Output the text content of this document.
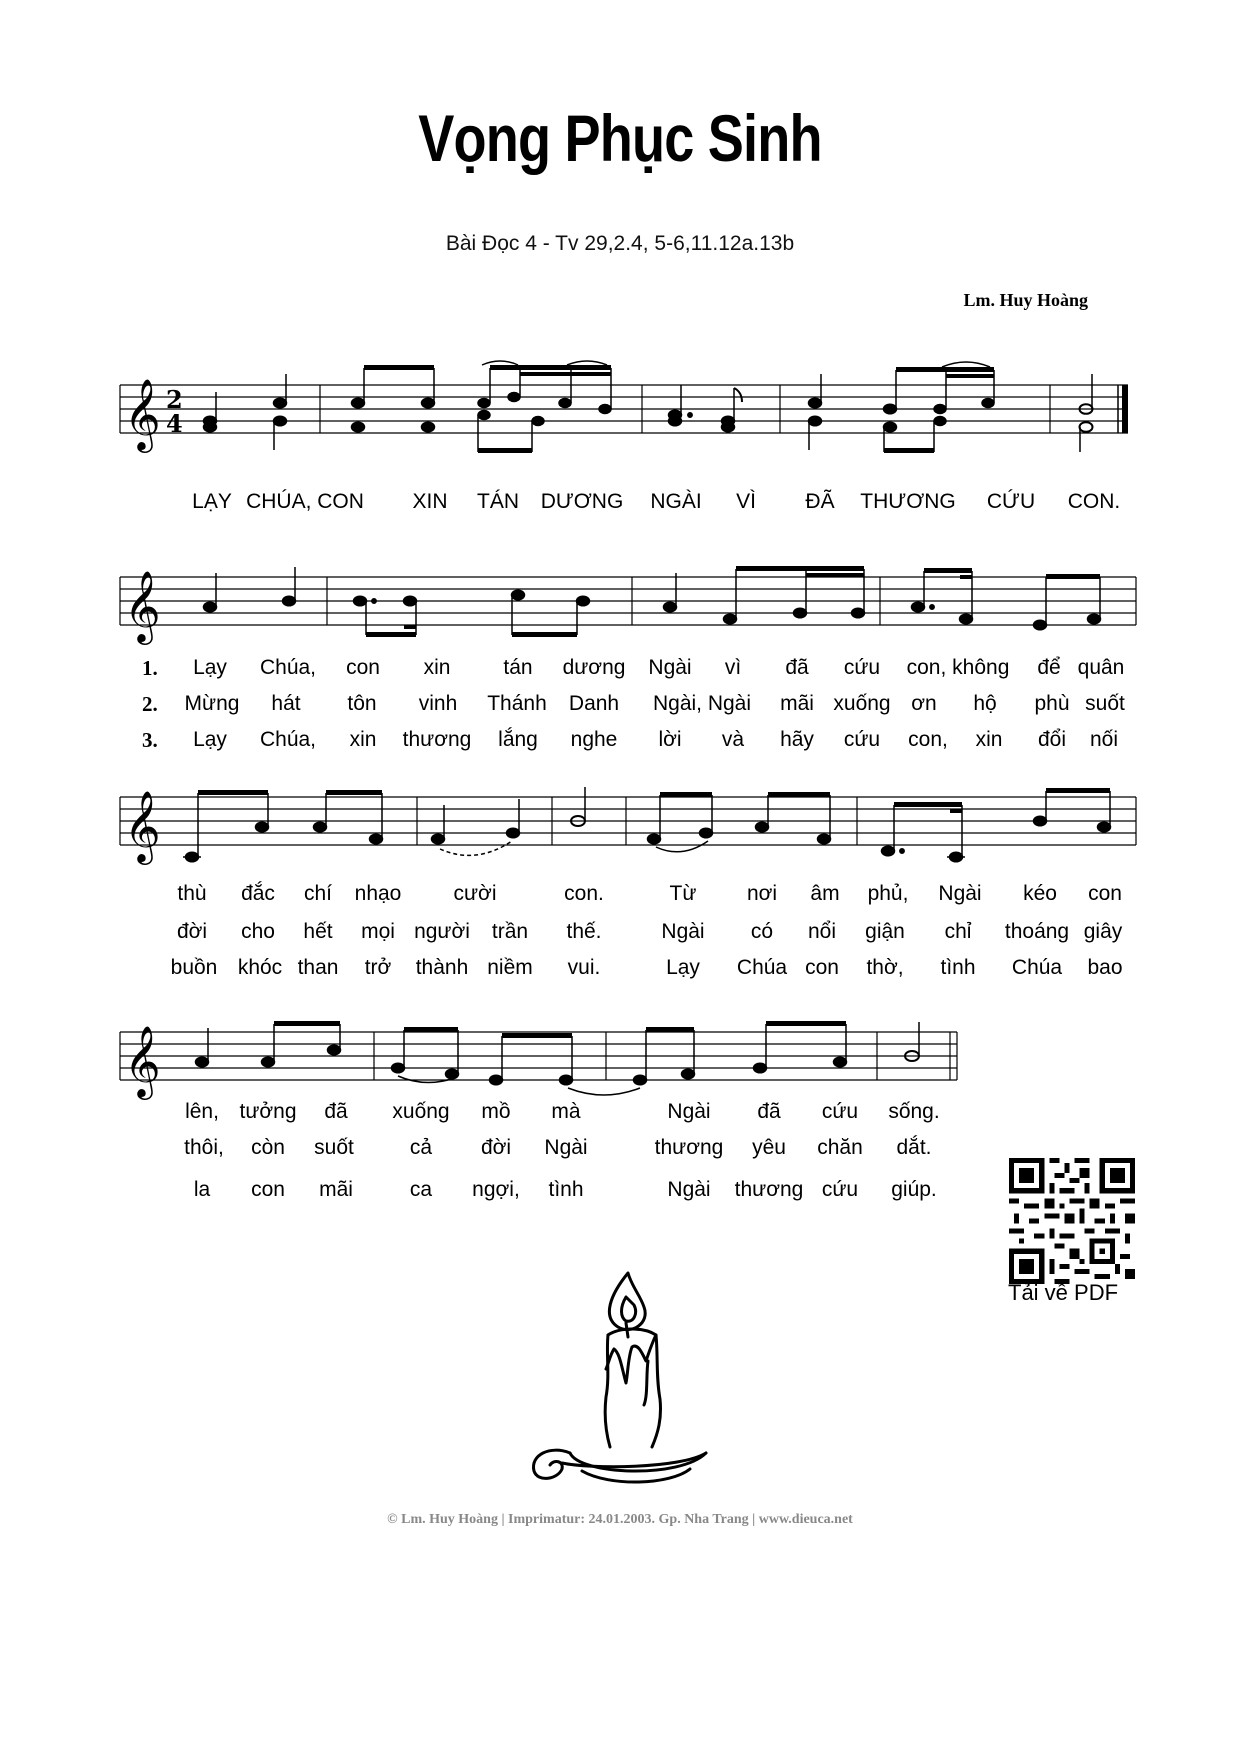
Vọng Phục Sinh
Bài Đọc 4 - Tv 29,2.4, 5-6,11.12a.13b
Lm. Huy Hoàng
𝄞 2
4
LẠY CHÚA, CON XIN TÁN DƯƠNG NGÀI VÌ ĐÃ THƯƠNG CỨU CON.
𝄞
1.
2.
3.
Lạy Chúa, con xin	tán dương Ngài vì đã cứu con, không để quân
Mừng hát tôn vinh Thánh Danh Ngài, Ngài mãi xuống ơn hộ phù suốt
Lạy Chúa, xin thương lắng nghe lời và hãy cứu con, xin đổi nối
𝄞
thù đắc chí nhạo cười	con.	Từ nơi âm phủ, Ngài kéo con
đời cho hết mọi người trần thế.	Ngài có nổi giận chỉ thoáng giây
buồn khóc than trở thành niềm vui.	Lạy Chúa con thờ, tình Chúa bao
𝄞
lên, tưởng đã xuống mồ mà	Ngài đã cứu sống.
thôi, còn suốt	cả đời Ngài	thương yêu chăn dắt.
la con mãi	ca ngợi, tình	Ngài thương cứu giúp.
Tải về PDF
© Lm. Huy Hoàng | Imprimatur: 24.01.2003. Gp. Nha Trang | www.dieuca.net
